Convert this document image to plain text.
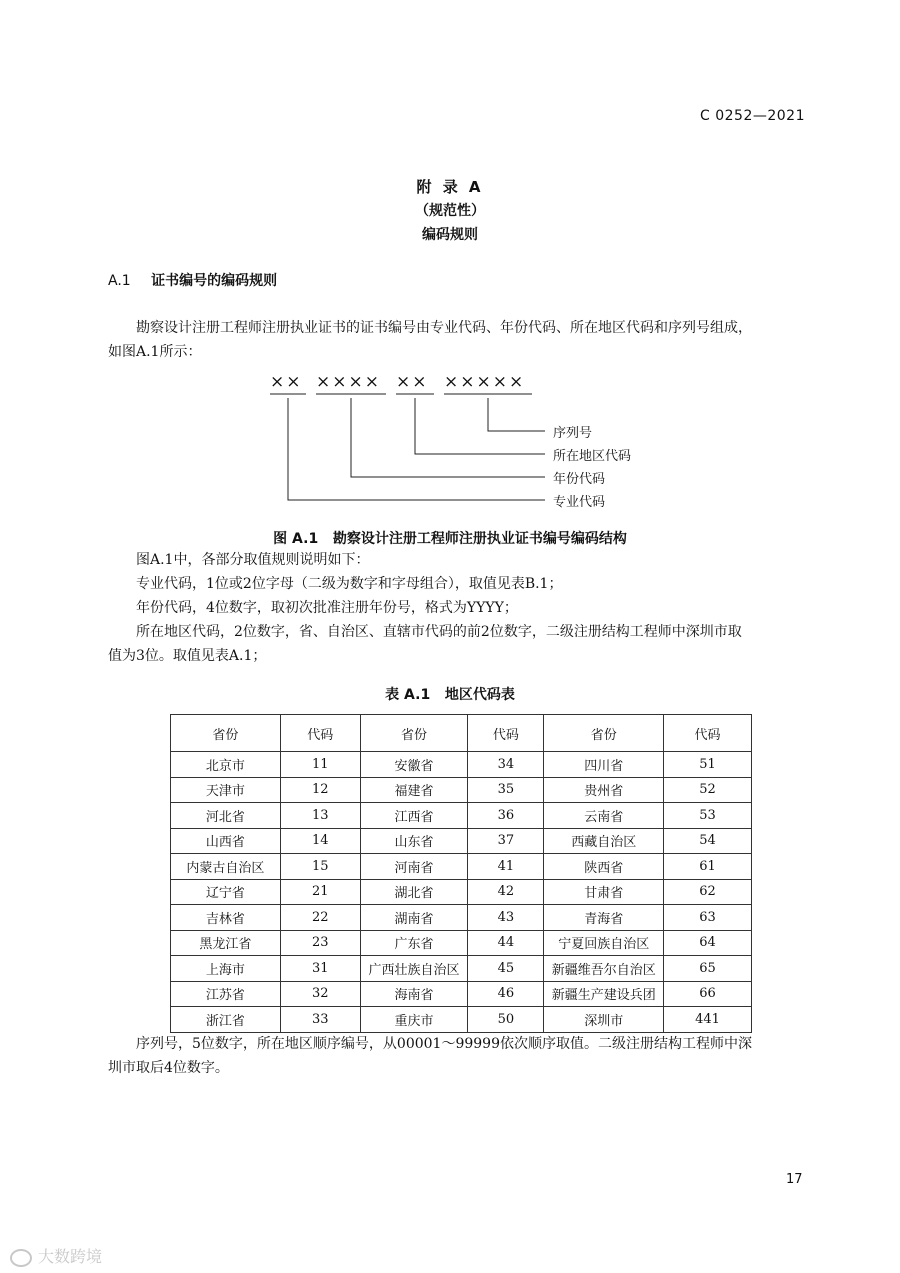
C 0252—2021
附 录 A
（规范性）
编码规则
A.1 证书编号的编码规则
勘察设计注册工程师注册执业证书的证书编号由专业代码、年份代码、所在地区代码和序列号组成，
如图A.1所示：
×× ×××× ×× ×××××
序列号
所在地区代码
年份代码
专业代码
图 A.1   勘察设计注册工程师注册执业证书编号编码结构
图A.1中，各部分取值规则说明如下：
专业代码，1位或2位字母（二级为数字和字母组合），取值见表B.1；
年份代码，4位数字，取初次批准注册年份号，格式为YYYY；
所在地区代码，2位数字，省、自治区、直辖市代码的前2位数字，二级注册结构工程师中深圳市取
值为3位。取值见表A.1；
表 A.1   地区代码表
省份	代码	省份	代码	省份	代码
北京市	11	安徽省	34	四川省	51
天津市	12	福建省	35	贵州省	52
河北省	13	江西省	36	云南省	53
山西省	14	山东省	37	西藏自治区	54
内蒙古自治区	15	河南省	41	陕西省	61
辽宁省	21	湖北省	42	甘肃省	62
吉林省	22	湖南省	43	青海省	63
黑龙江省	23	广东省	44	宁夏回族自治区	64
上海市	31	广西壮族自治区	45	新疆维吾尔自治区	65
江苏省	32	海南省	46	新疆生产建设兵团	66
浙江省	33	重庆市	50	深圳市	441
序列号，5位数字，所在地区顺序编号，从00001～99999依次顺序取值。二级注册结构工程师中深
圳市取后4位数字。
17
大数跨境
